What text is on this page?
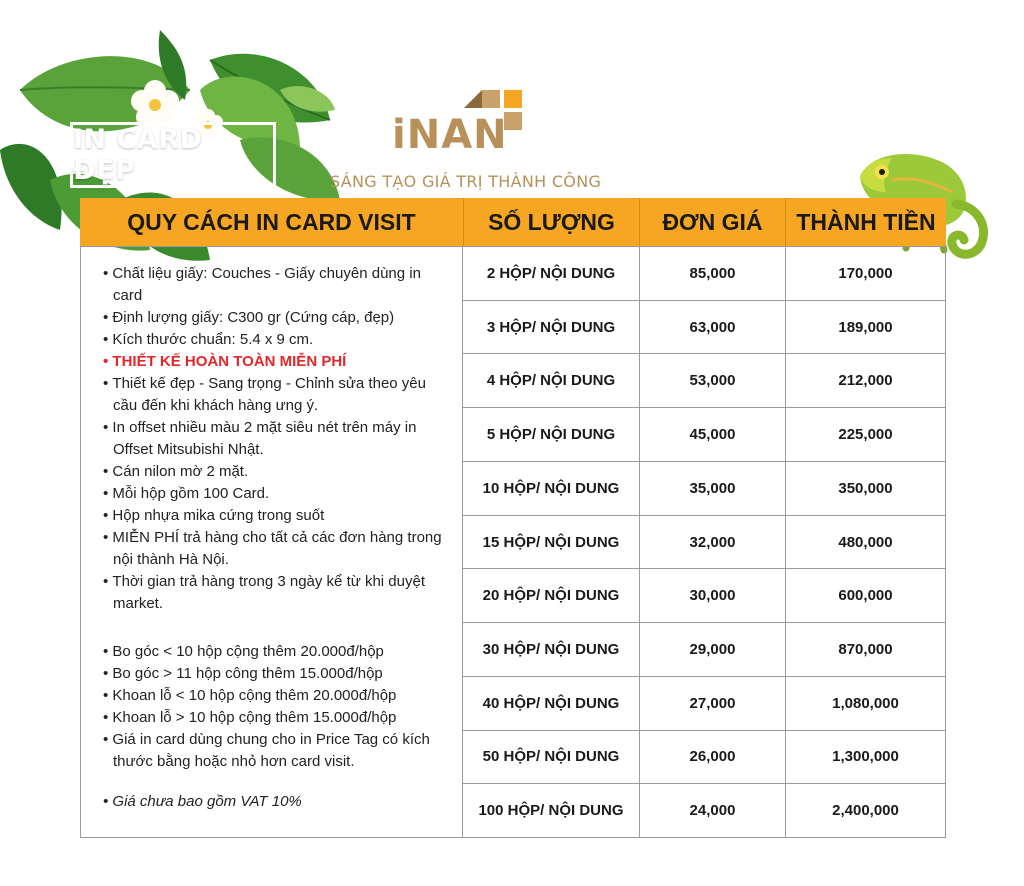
IN CARD ĐẸP
iNAN
SÁNG TẠO GIÁ TRỊ THÀNH CÔNG
QUY CÁCH IN CARD VISIT	SỐ LƯỢNG	ĐƠN GIÁ	THÀNH TIỀN
• Chất liệu giấy: Couches - Giấy chuyên dùng in card
• Định lượng giấy: C300 gr (Cứng cáp, đẹp)
• Kích thước chuẩn: 5.4 x 9 cm.
• THIẾT KẾ HOÀN TOÀN MIỄN PHÍ
• Thiết kế đẹp - Sang trọng - Chỉnh sửa theo yêu cầu đến khi khách hàng ưng ý.
• In offset nhiều màu 2 mặt siêu nét trên máy in Offset Mitsubishi Nhật.
• Cán nilon mờ 2 mặt.
• Mỗi hộp gồm 100 Card.
• Hộp nhựa mika cứng trong suốt
• MIỄN PHÍ trả hàng cho tất cả các đơn hàng trong nội thành Hà Nội.
• Thời gian trả hàng trong 3 ngày kể từ khi duyệt market.
• Bo góc < 10 hộp cộng thêm 20.000đ/hộp
• Bo góc > 11 hộp công thêm 15.000đ/hộp
• Khoan lỗ < 10 hộp cộng thêm 20.000đ/hộp
• Khoan lỗ > 10 hộp cộng thêm 15.000đ/hộp
• Giá in card dùng chung cho in Price Tag có kích thước bằng hoặc nhỏ hơn card visit.
• Giá chưa bao gồm VAT 10%
2 HỘP/ NỘI DUNG	85,000	170,000
3 HỘP/ NỘI DUNG	63,000	189,000
4 HỘP/ NỘI DUNG	53,000	212,000
5 HỘP/ NỘI DUNG	45,000	225,000
10 HỘP/ NỘI DUNG	35,000	350,000
15 HỘP/ NỘI DUNG	32,000	480,000
20 HỘP/ NỘI DUNG	30,000	600,000
30 HỘP/ NỘI DUNG	29,000	870,000
40 HỘP/ NỘI DUNG	27,000	1,080,000
50 HỘP/ NỘI DUNG	26,000	1,300,000
100 HỘP/ NỘI DUNG	24,000	2,400,000
